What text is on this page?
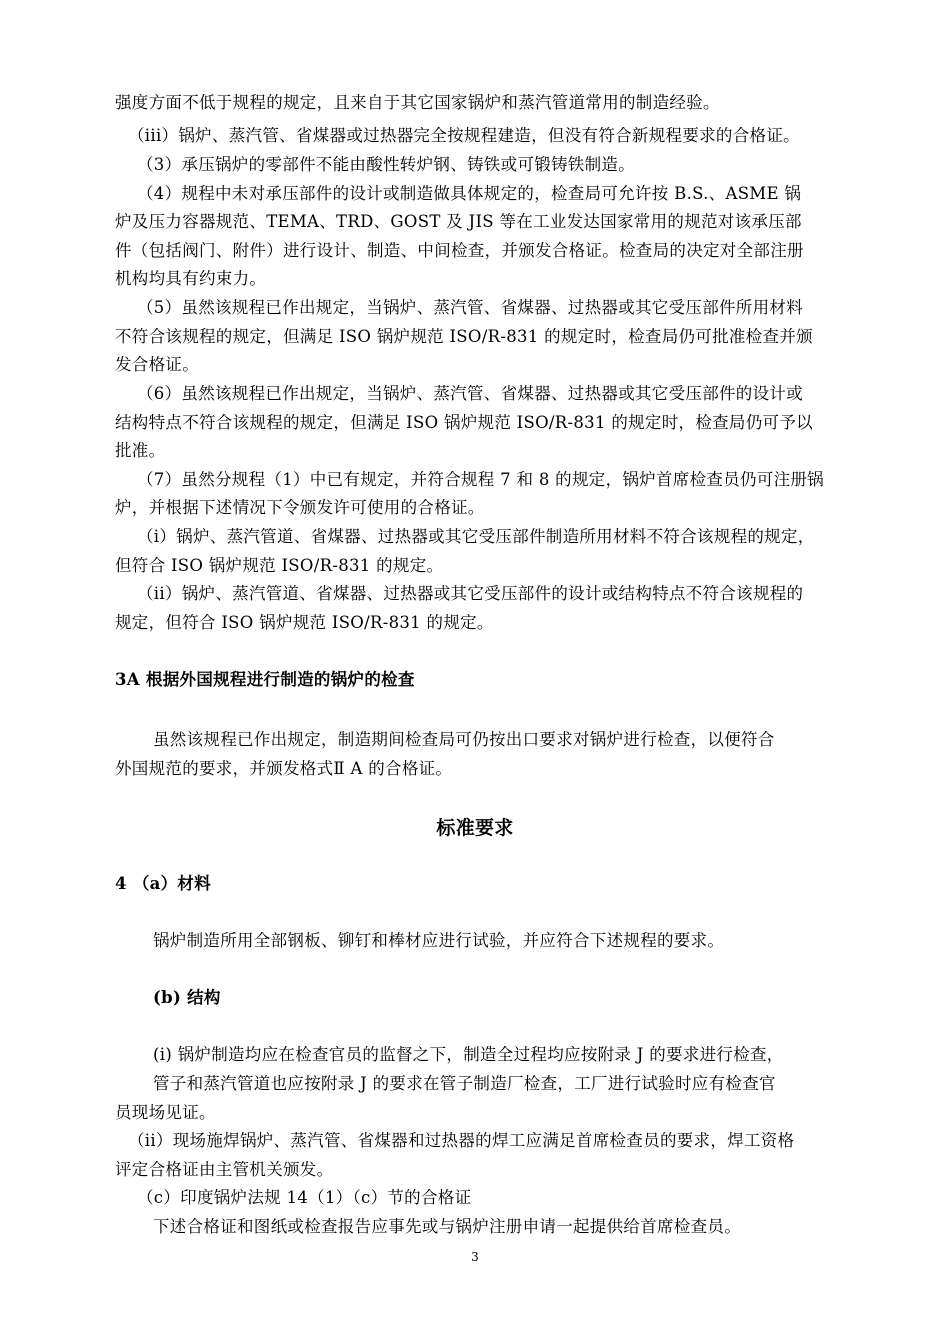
强度方面不低于规程的规定，且来自于其它国家锅炉和蒸汽管道常用的制造经验。
（iii）锅炉、蒸汽管、省煤器或过热器完全按规程建造，但没有符合新规程要求的合格证。
（3）承压锅炉的零部件不能由酸性转炉钢、铸铁或可锻铸铁制造。
（4）规程中未对承压部件的设计或制造做具体规定的，检查局可允许按 B.S.、ASME 锅
炉及压力容器规范、TEMA、TRD、GOST 及 JIS 等在工业发达国家常用的规范对该承压部
件（包括阀门、附件）进行设计、制造、中间检查，并颁发合格证。检查局的决定对全部注册
机构均具有约束力。
（5）虽然该规程已作出规定，当锅炉、蒸汽管、省煤器、过热器或其它受压部件所用材料
不符合该规程的规定，但满足 ISO 锅炉规范 ISO/R-831 的规定时，检查局仍可批准检查并颁
发合格证。
（6）虽然该规程已作出规定，当锅炉、蒸汽管、省煤器、过热器或其它受压部件的设计或
结构特点不符合该规程的规定，但满足 ISO 锅炉规范 ISO/R-831 的规定时，检查局仍可予以
批准。
（7）虽然分规程（1）中已有规定，并符合规程 7 和 8 的规定，锅炉首席检查员仍可注册锅
炉，并根据下述情况下令颁发许可使用的合格证。
（i）锅炉、蒸汽管道、省煤器、过热器或其它受压部件制造所用材料不符合该规程的规定，
但符合 ISO 锅炉规范 ISO/R-831 的规定。
（ii）锅炉、蒸汽管道、省煤器、过热器或其它受压部件的设计或结构特点不符合该规程的
规定，但符合 ISO 锅炉规范 ISO/R-831 的规定。
3A 根据外国规程进行制造的锅炉的检查
虽然该规程已作出规定，制造期间检查局可仍按出口要求对锅炉进行检查，以便符合
外国规范的要求，并颁发格式Ⅱ A 的合格证。
标准要求
4 （a）材料
锅炉制造所用全部钢板、铆钉和棒材应进行试验，并应符合下述规程的要求。
(b) 结构
(i) 锅炉制造均应在检查官员的监督之下，制造全过程均应按附录 J 的要求进行检查，
管子和蒸汽管道也应按附录 J 的要求在管子制造厂检查，工厂进行试验时应有检查官
员现场见证。
（ii）现场施焊锅炉、蒸汽管、省煤器和过热器的焊工应满足首席检查员的要求，焊工资格
评定合格证由主管机关颁发。
（c）印度锅炉法规 14（1）（c）节的合格证
下述合格证和图纸或检查报告应事先或与锅炉注册申请一起提供给首席检查员。
3
